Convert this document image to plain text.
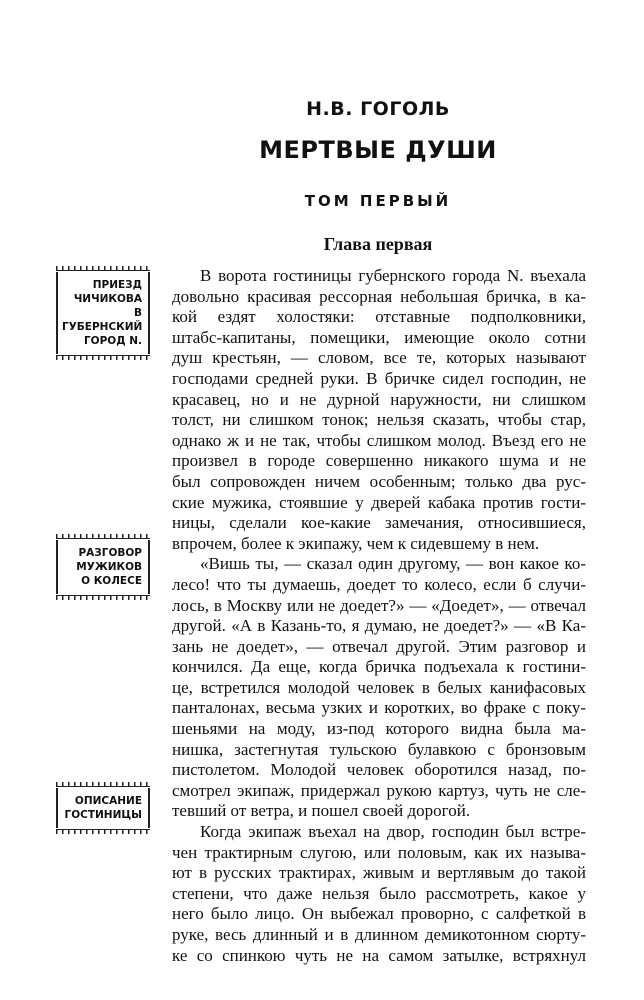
Н.В. ГОГОЛЬ
МЕРТВЫЕ ДУШИ
ТОМ ПЕРВЫЙ
Глава первая
ПРИЕЗД
ЧИЧИКОВА
В ГУБЕРНСКИЙ
ГОРОД N.
РАЗГОВОР
МУЖИКОВ
О КОЛЕСЕ
ОПИСАНИЕ
ГОСТИНИЦЫ
В ворота гостиницы губернского города N. въехала
довольно красивая рессорная небольшая бричка, в ка-
кой ездят холостяки: отставные подполковники,
штабс-капитаны, помещики, имеющие около сотни
душ крестьян, — словом, все те, которых называют
господами средней руки. В бричке сидел господин, не
красавец, но и не дурной наружности, ни слишком
толст, ни слишком тонок; нельзя сказать, чтобы стар,
однако ж и не так, чтобы слишком молод. Въезд его не
произвел в городе совершенно никакого шума и не
был сопровожден ничем особенным; только два рус-
ские мужика, стоявшие у дверей кабака против гости-
ницы, сделали кое-какие замечания, относившиеся,
впрочем, более к экипажу, чем к сидевшему в нем.
«Вишь ты, — сказал один другому, — вон какое ко-
лесо! что ты думаешь, доедет то колесо, если б случи-
лось, в Москву или не доедет?» — «Доедет», — отвечал
другой. «А в Казань-то, я думаю, не доедет?» — «В Ка-
зань не доедет», — отвечал другой. Этим разговор и
кончился. Да еще, когда бричка подъехала к гостини-
це, встретился молодой человек в белых канифасовых
панталонах, весьма узких и коротких, во фраке с поку-
шеньями на моду, из-под которого видна была ма-
нишка, застегнутая тульскою булавкою с бронзовым
пистолетом. Молодой человек оборотился назад, по-
смотрел экипаж, придержал рукою картуз, чуть не сле-
тевший от ветра, и пошел своей дорогой.
Когда экипаж въехал на двор, господин был встре-
чен трактирным слугою, или половым, как их называ-
ют в русских трактирах, живым и вертлявым до такой
степени, что даже нельзя было рассмотреть, какое у
него было лицо. Он выбежал проворно, с салфеткой в
руке, весь длинный и в длинном демикотонном сюрту-
ке со спинкою чуть не на самом затылке, встряхнул
